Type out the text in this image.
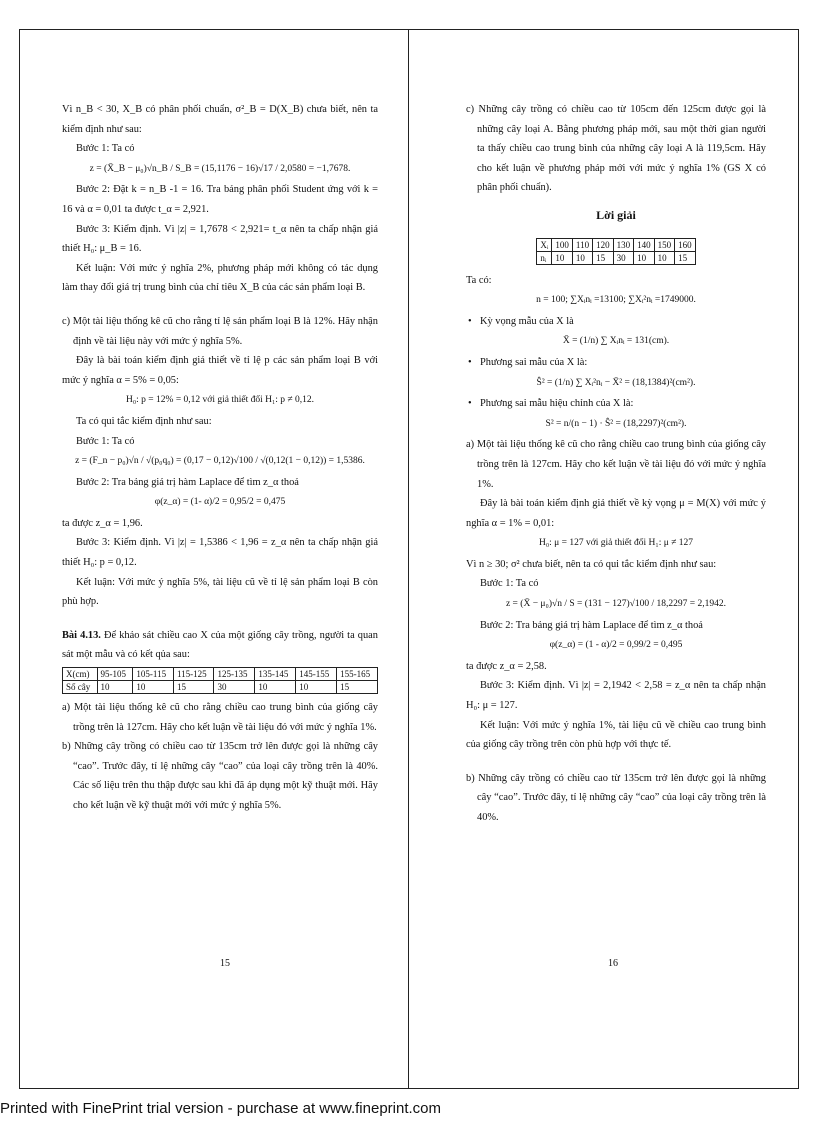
Vì n_B < 30, X_B có phân phối chuẩn, σ²_B = D(X_B) chưa biết, nên ta kiểm định như sau:

Bước 1: Ta có

z = (X̄_B − μ₀)√n_B / S_B = (15,1176 − 16)√17 / 2,0580 = −1,7678.

Bước 2: Đặt k = n_B -1 = 16. Tra bảng phân phối Student ứng với k = 16 và α = 0,01 ta được t_α = 2,921.

Bước 3: Kiểm định. Vì |z| = 1,7678 < 2,921= t_α nên ta chấp nhận giả thiết H₀: μ_B = 16.

Kết luận: Với mức ý nghĩa 2%, phương pháp mới không có tác dụng làm thay đổi giá trị trung bình của chỉ tiêu X_B của các sản phẩm loại B.

c) Một tài liệu thống kê cũ cho rằng tỉ lệ sản phẩm loại B là 12%. Hãy nhận định về tài liệu này với mức ý nghĩa 5%.

Đây là bài toán kiểm định giả thiết về tỉ lệ p các sản phẩm loại B với mức ý nghĩa α = 5% = 0,05:

H₀: p = 12% = 0,12 với giả thiết đối H₁: p ≠ 0,12.

Ta có qui tắc kiểm định như sau:

Bước 1: Ta có

z = (F_n − p₀)√n / √(p₀q₀) = (0,17 − 0,12)√100 / √(0,12(1 − 0,12)) = 1,5386.

Bước 2: Tra bảng giá trị hàm Laplace để tìm z_α thoả

φ(z_α) = (1- α)/2 = 0,95/2 = 0,475

ta được z_α = 1,96.

Bước 3: Kiểm định. Vì |z| = 1,5386 < 1,96 = z_α nên ta chấp nhận giả thiết H₀: p = 0,12.

Kết luận: Với mức ý nghĩa 5%, tài liệu cũ về tỉ lệ sản phẩm loại B còn phù hợp.

Bài 4.13. Để khảo sát chiều cao X của một giống cây trồng, người ta quan sát một mẫu và có kết qủa sau:

X(cm)	95-105	105-115	115-125	125-135	135-145	145-155	155-165
Số cây	10	10	15	30	10	10	15

a) Một tài liệu thống kê cũ cho rằng chiều cao trung bình của giống cây trồng trên là 127cm. Hãy cho kết luận về tài liệu đó với mức ý nghĩa 1%.

b) Những cây trồng có chiều cao từ 135cm trở lên được gọi là những cây “cao”. Trước đây, tỉ lệ những cây “cao” của loại cây trồng trên là 40%. Các số liệu trên thu thập được sau khi đã áp dụng một kỹ thuật mới. Hãy cho kết luận về kỹ thuật mới với mức ý nghĩa 5%.

15

c) Những cây trồng có chiều cao từ 105cm đến 125cm được gọi là những cây loại A. Bằng phương pháp mới, sau một thời gian người ta thấy chiều cao trung bình của những cây loại A là 119,5cm. Hãy cho kết luận về phương pháp mới với mức ý nghĩa 1% (GS X có phân phối chuẩn).

Lời giải
Xᵢ	100	110	120	130	140	150	160
nᵢ	10	10	15	30	10	10	15

Ta có:

n = 100; ∑Xᵢnᵢ =13100; ∑Xᵢ²nᵢ =1749000.

• Kỳ vọng mẫu của X là

X̄ = (1/n) ∑ Xᵢnᵢ = 131(cm).

• Phương sai mẫu của X là:

Ŝ² = (1/n) ∑ Xᵢ²nᵢ − X̄² = (18,1384)²(cm²).

• Phương sai mẫu hiệu chỉnh của X là:

S² = n/(n − 1) · Ŝ² = (18,2297)²(cm²).

a) Một tài liệu thống kê cũ cho rằng chiều cao trung bình của giống cây trồng trên là 127cm. Hãy cho kết luận về tài liệu đó với mức ý nghĩa 1%.

Đây là bài toán kiểm định giả thiết về kỳ vọng μ = M(X) với mức ý nghĩa α = 1% = 0,01:

H₀: μ = 127 với giả thiết đối H₁: μ ≠ 127

Vì n ≥ 30; σ² chưa biết, nên ta có qui tắc kiểm định như sau:

Bước 1: Ta có

z = (X̄ − μ₀)√n / S = (131 − 127)√100 / 18,2297 = 2,1942.

Bước 2: Tra bảng giá trị hàm Laplace để tìm z_α thoả

φ(z_α) = (1 - α)/2 = 0,99/2 = 0,495

ta được z_α = 2,58.

Bước 3: Kiểm định. Vì |z| = 2,1942 < 2,58 = z_α nên ta chấp nhận H₀: μ = 127.

Kết luận: Với mức ý nghĩa 1%, tài liệu cũ về chiều cao trung bình của giống cây trồng trên còn phù hợp với thực tế.

b) Những cây trồng có chiều cao từ 135cm trở lên được gọi là những cây “cao”. Trước đây, tỉ lệ những cây “cao” của loại cây trồng trên là 40%.

16
Printed with FinePrint trial version - purchase at www.fineprint.com
